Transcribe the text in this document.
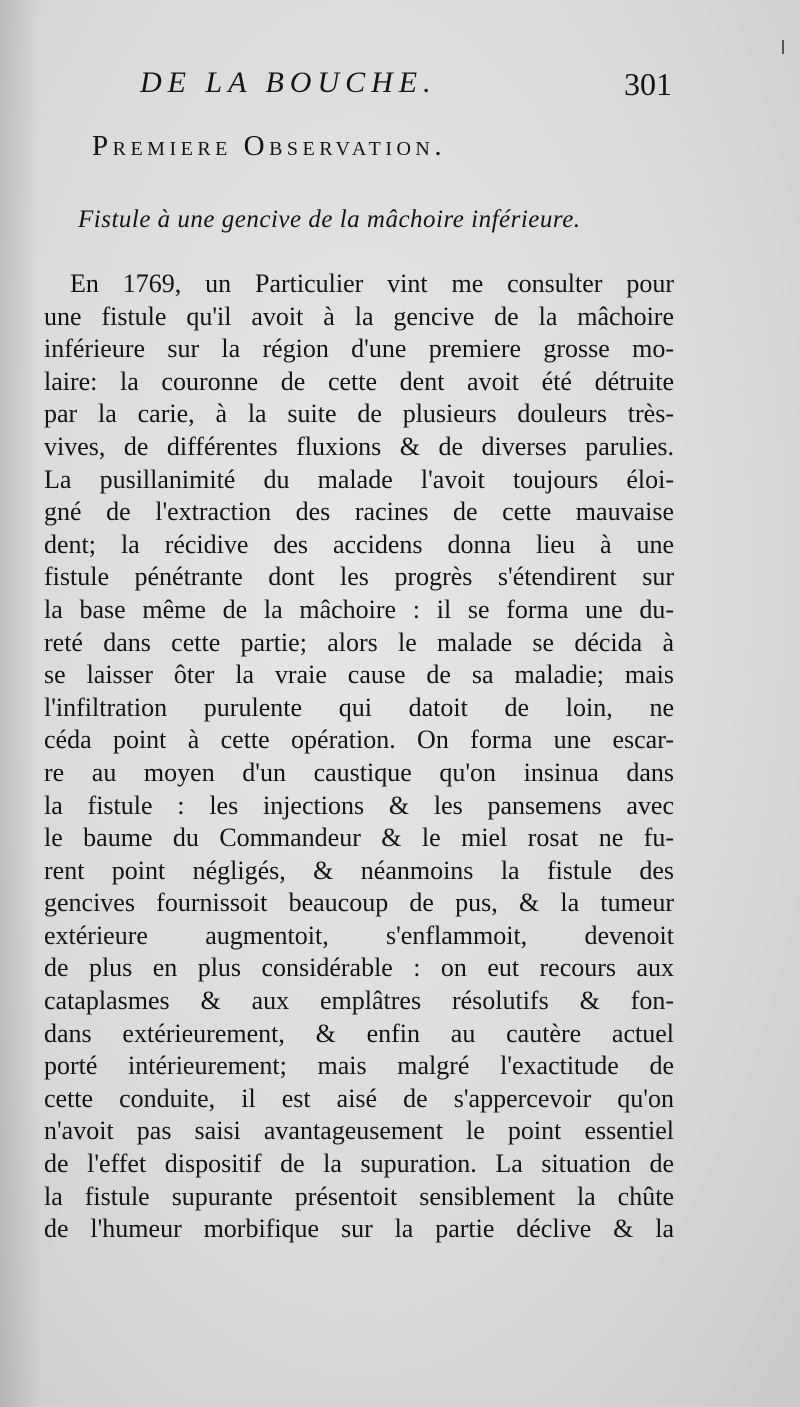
DE LA BOUCHE.	301
Premiere Observation.
Fistule à une gencive de la mâchoire inférieure.
En 1769, un Particulier vint me consulter pour
une fistule qu'il avoit à la gencive de la mâchoire
inférieure sur la région d'une premiere grosse mo-
laire: la couronne de cette dent avoit été détruite
par la carie, à la suite de plusieurs douleurs très-
vives, de différentes fluxions & de diverses parulies.
La pusillanimité du malade l'avoit toujours éloi-
gné de l'extraction des racines de cette mauvaise
dent; la récidive des accidens donna lieu à une
fistule pénétrante dont les progrès s'étendirent sur
la base même de la mâchoire : il se forma une du-
reté dans cette partie; alors le malade se décida à
se laisser ôter la vraie cause de sa maladie; mais
l'infiltration purulente qui datoit de loin, ne
céda point à cette opération. On forma une escar-
re au moyen d'un caustique qu'on insinua dans
la fistule : les injections & les pansemens avec
le baume du Commandeur & le miel rosat ne fu-
rent point négligés, & néanmoins la fistule des
gencives fournissoit beaucoup de pus, & la tumeur
extérieure augmentoit, s'enflammoit, devenoit
de plus en plus considérable : on eut recours aux
cataplasmes & aux emplâtres résolutifs & fon-
dans extérieurement, & enfin au cautère actuel
porté intérieurement; mais malgré l'exactitude de
cette conduite, il est aisé de s'appercevoir qu'on
n'avoit pas saisi avantageusement le point essentiel
de l'effet dispositif de la supuration. La situation de
la fistule supurante présentoit sensiblement la chûte
de l'humeur morbifique sur la partie déclive & la
